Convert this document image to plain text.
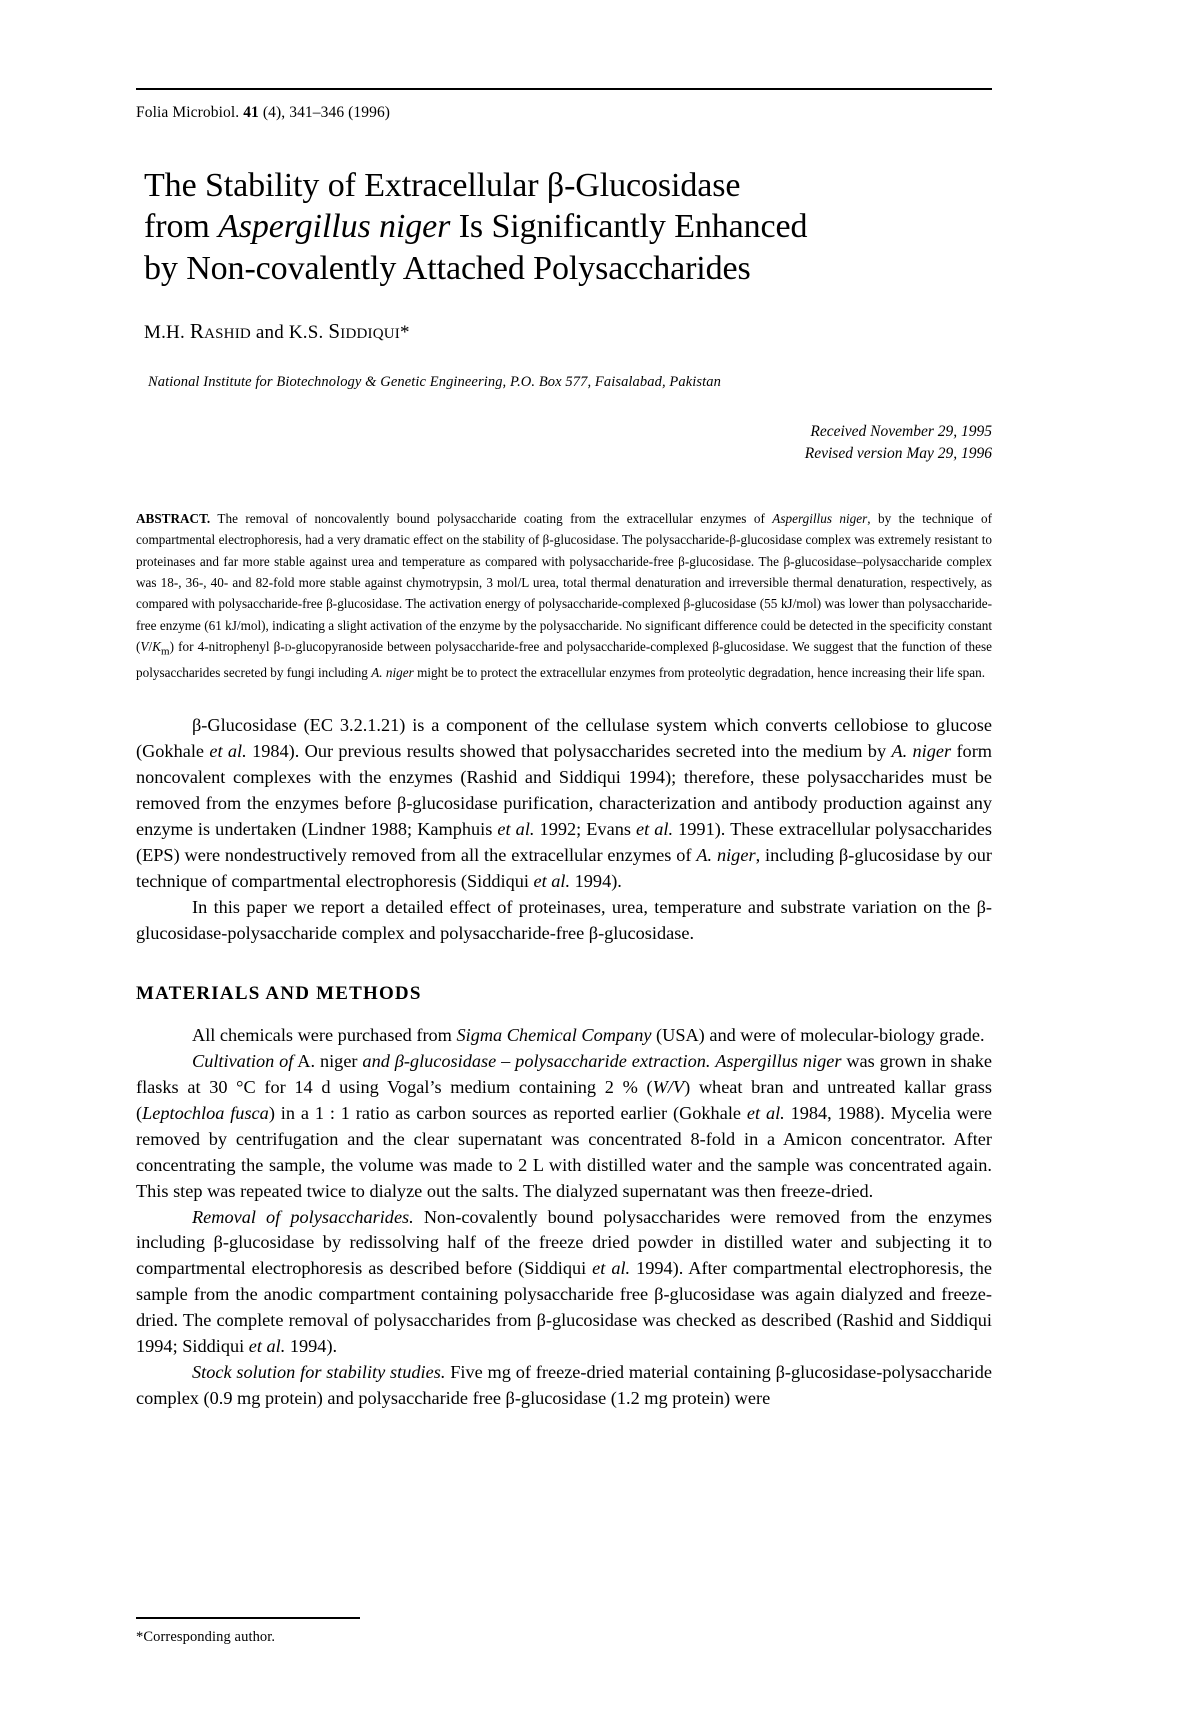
Folia Microbiol. 41 (4), 341–346 (1996)
The Stability of Extracellular β-Glucosidase
from Aspergillus niger Is Significantly Enhanced
by Non-covalently Attached Polysaccharides
M.H. Rashid and K.S. Siddiqui*
National Institute for Biotechnology & Genetic Engineering, P.O. Box 577, Faisalabad, Pakistan
Received November 29, 1995
Revised version May 29, 1996
ABSTRACT. The removal of noncovalently bound polysaccharide coating from the extracellular enzymes of Aspergillus niger, by the technique of compartmental electrophoresis, had a very dramatic effect on the stability of β-glucosidase. The polysaccharide-β-glucosidase complex was extremely resistant to proteinases and far more stable against urea and temperature as compared with polysaccharide-free β-glucosidase. The β-glucosidase–polysaccharide complex was 18-, 36-, 40- and 82-fold more stable against chymotrypsin, 3 mol/L urea, total thermal denaturation and irreversible thermal denaturation, respectively, as compared with polysaccharide-free β-glucosidase. The activation energy of polysaccharide-complexed β-glucosidase (55 kJ/mol) was lower than polysaccharide-free enzyme (61 kJ/mol), indicating a slight activation of the enzyme by the polysaccharide. No significant difference could be detected in the specificity constant $(V/K_m)$ for 4-nitrophenyl β-d-glucopyranoside between polysaccharide-free and polysaccharide-complexed β-glucosidase. We suggest that the function of these polysaccharides secreted by fungi including A. niger might be to protect the extracellular enzymes from proteolytic degradation, hence increasing their life span.

β-Glucosidase (EC 3.2.1.21) is a component of the cellulase system which converts cellobiose to glucose (Gokhale et al. 1984). Our previous results showed that polysaccharides secreted into the medium by A. niger form noncovalent complexes with the enzymes (Rashid and Siddiqui 1994); therefore, these polysaccharides must be removed from the enzymes before β-glucosidase purification, characterization and antibody production against any enzyme is undertaken (Lindner 1988; Kamphuis et al. 1992; Evans et al. 1991). These extracellular polysaccharides (EPS) were nondestructively removed from all the extracellular enzymes of A. niger, including β-glucosidase by our technique of compartmental electrophoresis (Siddiqui et al. 1994).

In this paper we report a detailed effect of proteinases, urea, temperature and substrate variation on the β-glucosidase-polysaccharide complex and polysaccharide-free β-glucosidase.

MATERIALS AND METHODS

All chemicals were purchased from Sigma Chemical Company (USA) and were of molecular-biology grade.

Cultivation of A. niger and β-glucosidase – polysaccharide extraction. Aspergillus niger was grown in shake flasks at 30 °C for 14 d using Vogal’s medium containing 2 % (W/V) wheat bran and untreated kallar grass (Leptochloa fusca) in a 1 : 1 ratio as carbon sources as reported earlier (Gokhale et al. 1984, 1988). Mycelia were removed by centrifugation and the clear supernatant was concentrated 8-fold in a Amicon concentrator. After concentrating the sample, the volume was made to 2 L with distilled water and the sample was concentrated again. This step was repeated twice to dialyze out the salts. The dialyzed supernatant was then freeze-dried.

Removal of polysaccharides. Non-covalently bound polysaccharides were removed from the enzymes including β-glucosidase by redissolving half of the freeze dried powder in distilled water and subjecting it to compartmental electrophoresis as described before (Siddiqui et al. 1994). After compartmental electrophoresis, the sample from the anodic compartment containing polysaccharide free β-glucosidase was again dialyzed and freeze-dried. The complete removal of polysaccharides from β-glucosidase was checked as described (Rashid and Siddiqui 1994; Siddiqui et al. 1994).

Stock solution for stability studies. Five mg of freeze-dried material containing β-glucosidase-polysaccharide complex (0.9 mg protein) and polysaccharide free β-glucosidase (1.2 mg protein) were

*Corresponding author.
